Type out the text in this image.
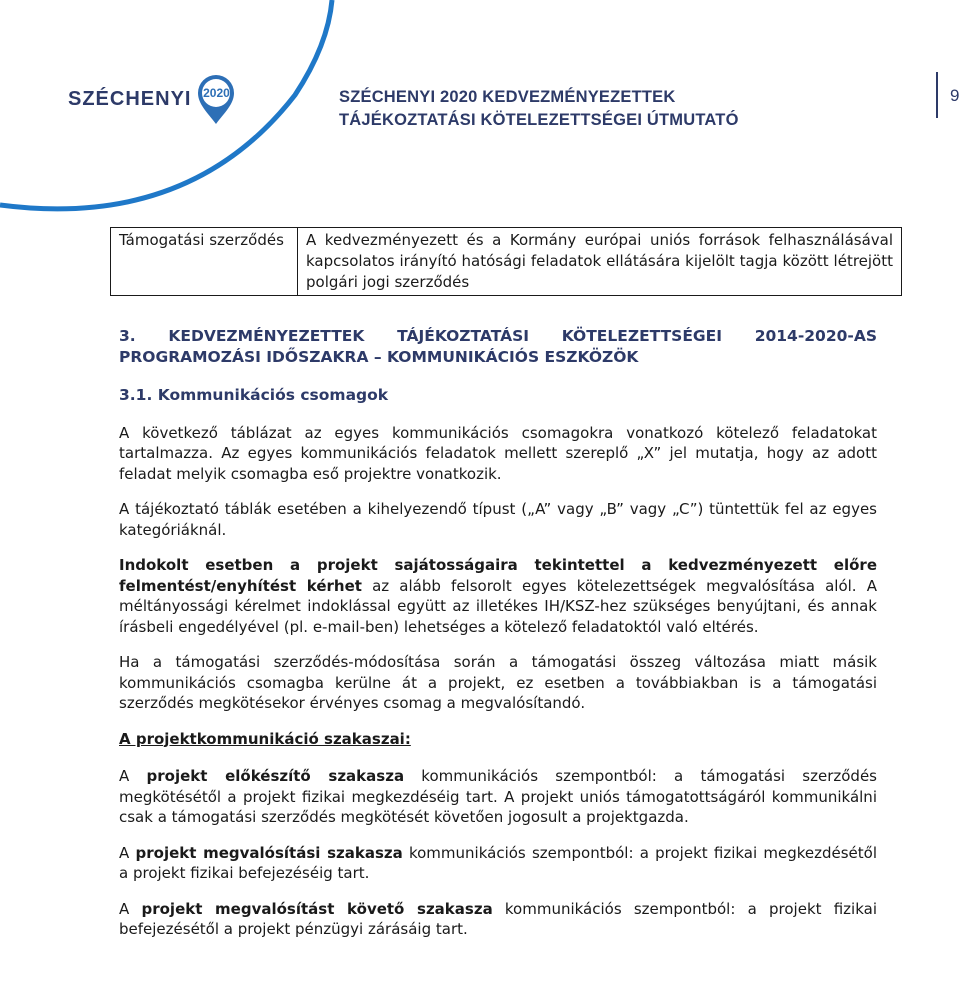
SZÉCHENYI 2020	SZÉCHENYI 2020 KEDVEZMÉNYEZETTEK
TÁJÉKOZTATÁSI KÖTELEZETTSÉGEI ÚTMUTATÓ
9
Támogatási szerződés	A kedvezményezett és a Kormány európai uniós források felhasználásával kapcsolatos irányító hatósági feladatok ellátására kijelölt tagja között létrejött polgári jogi szerződés
3. KEDVEZMÉNYEZETTEK TÁJÉKOZTATÁSI KÖTELEZETTSÉGEI 2014-2020-AS PROGRAMOZÁSI IDŐSZAKRA – KOMMUNIKÁCIÓS ESZKÖZÖK
3.1. Kommunikációs csomagok
A következő táblázat az egyes kommunikációs csomagokra vonatkozó kötelező feladatokat tartalmazza. Az egyes kommunikációs feladatok mellett szereplő „X” jel mutatja, hogy az adott feladat melyik csomagba eső projektre vonatkozik.
A tájékoztató táblák esetében a kihelyezendő típust („A” vagy „B” vagy „C”) tüntettük fel az egyes kategóriáknál.
Indokolt esetben a projekt sajátosságaira tekintettel a kedvezményezett előre felmentést/enyhítést kérhet az alább felsorolt egyes kötelezettségek megvalósítása alól. A méltányossági kérelmet indoklással együtt az illetékes IH/KSZ-hez szükséges benyújtani, és annak írásbeli engedélyével (pl. e-mail-ben) lehetséges a kötelező feladatoktól való eltérés.
Ha a támogatási szerződés-módosítása során a támogatási összeg változása miatt másik kommunikációs csomagba kerülne át a projekt, ez esetben a továbbiakban is a támogatási szerződés megkötésekor érvényes csomag a megvalósítandó.
A projektkommunikáció szakaszai:
A projekt előkészítő szakasza kommunikációs szempontból: a támogatási szerződés megkötésétől a projekt fizikai megkezdéséig tart. A projekt uniós támogatottságáról kommunikálni csak a támogatási szerződés megkötését követően jogosult a projektgazda.
A projekt megvalósítási szakasza kommunikációs szempontból: a projekt fizikai megkezdésétől a projekt fizikai befejezéséig tart.
A projekt megvalósítást követő szakasza kommunikációs szempontból: a projekt fizikai befejezésétől a projekt pénzügyi zárásáig tart.
